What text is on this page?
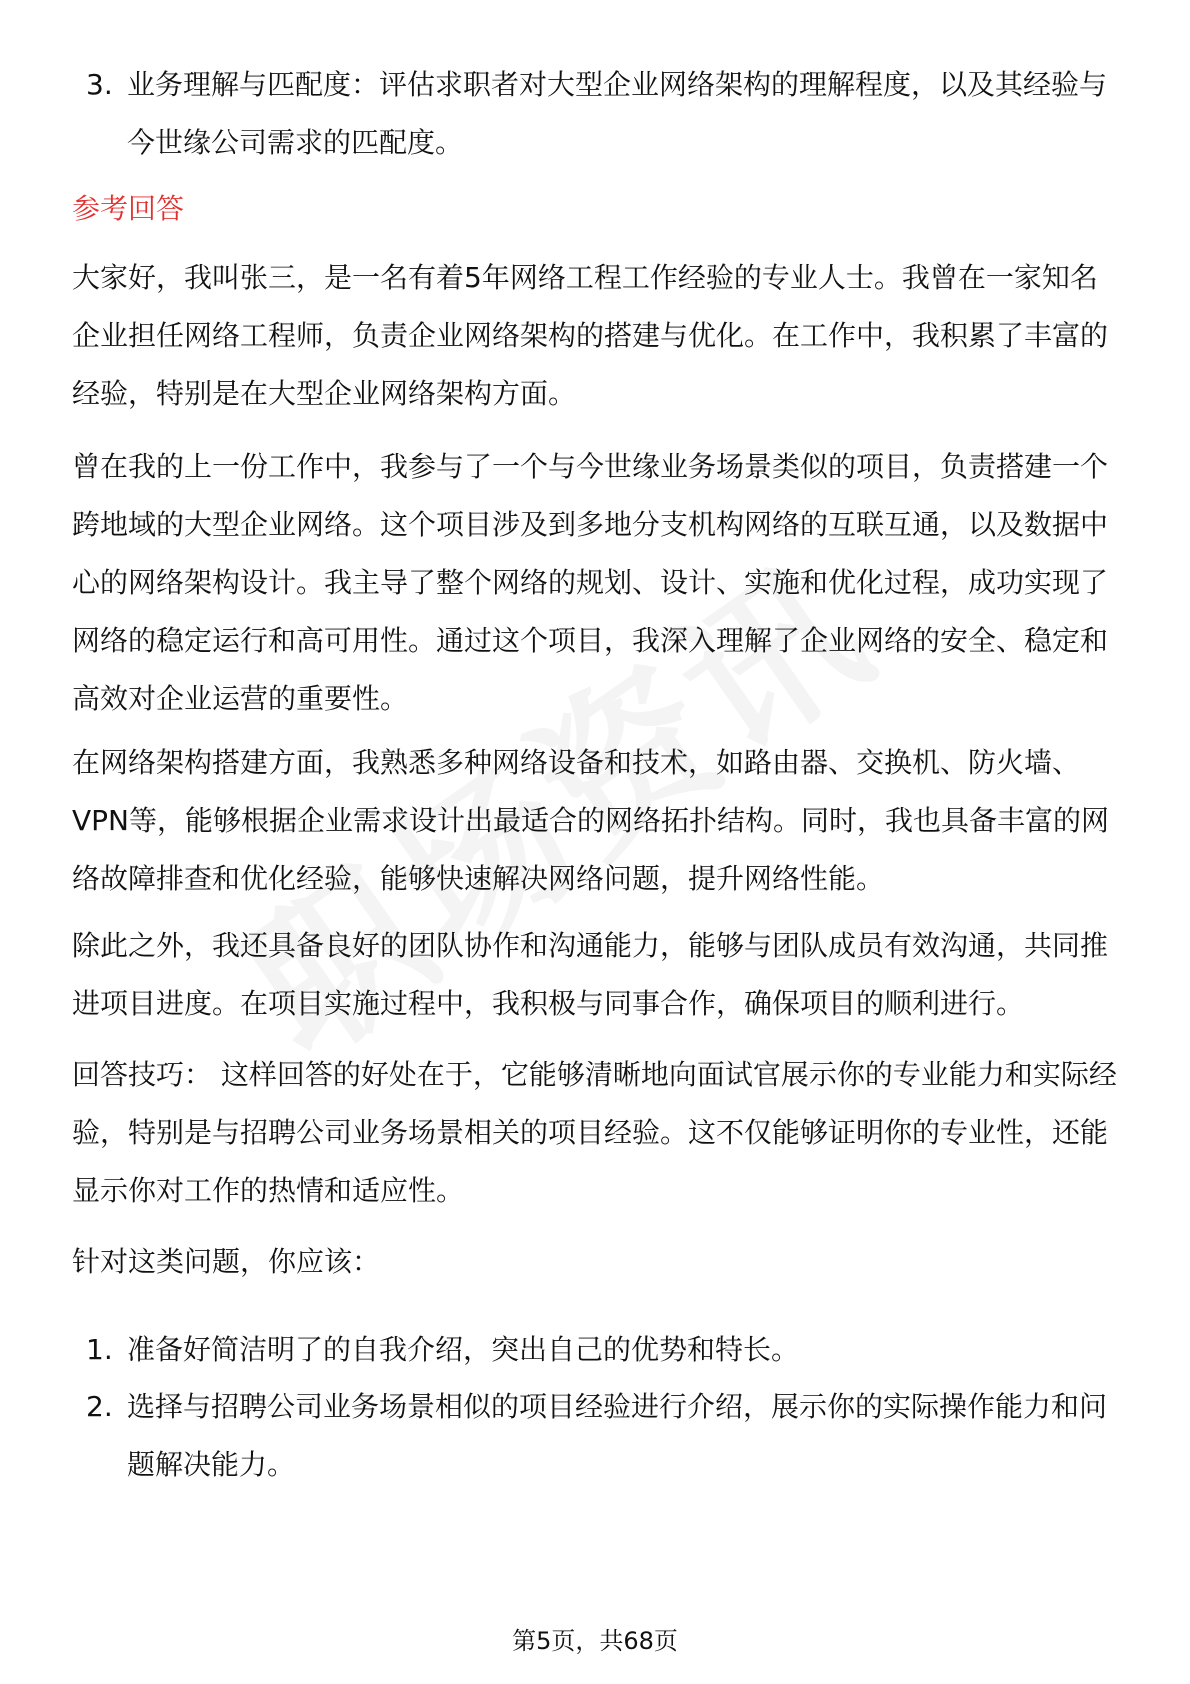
3. 业务理解与匹配度：评估求职者对大型企业网络架构的理解程度，以及其经验与今世缘公司需求的匹配度。
参考回答
大家好，我叫张三，是一名有着5年网络工程工作经验的专业人士。我曾在一家知名企业担任网络工程师，负责企业网络架构的搭建与优化。在工作中，我积累了丰富的经验，特别是在大型企业网络架构方面。
曾在我的上一份工作中，我参与了一个与今世缘业务场景类似的项目，负责搭建一个跨地域的大型企业网络。这个项目涉及到多地分支机构网络的互联互通，以及数据中心的网络架构设计。我主导了整个网络的规划、设计、实施和优化过程，成功实现了网络的稳定运行和高可用性。通过这个项目，我深入理解了企业网络的安全、稳定和高效对企业运营的重要性。
在网络架构搭建方面，我熟悉多种网络设备和技术，如路由器、交换机、防火墙、VPN等，能够根据企业需求设计出最适合的网络拓扑结构。同时，我也具备丰富的网络故障排查和优化经验，能够快速解决网络问题，提升网络性能。
除此之外，我还具备良好的团队协作和沟通能力，能够与团队成员有效沟通，共同推进项目进度。在项目实施过程中，我积极与同事合作，确保项目的顺利进行。
回答技巧： 这样回答的好处在于，它能够清晰地向面试官展示你的专业能力和实际经验，特别是与招聘公司业务场景相关的项目经验。这不仅能够证明你的专业性，还能显示你对工作的热情和适应性。
针对这类问题，你应该：
1. 准备好简洁明了的自我介绍，突出自己的优势和特长。
2. 选择与招聘公司业务场景相似的项目经验进行介绍，展示你的实际操作能力和问题解决能力。
第5页，共68页
